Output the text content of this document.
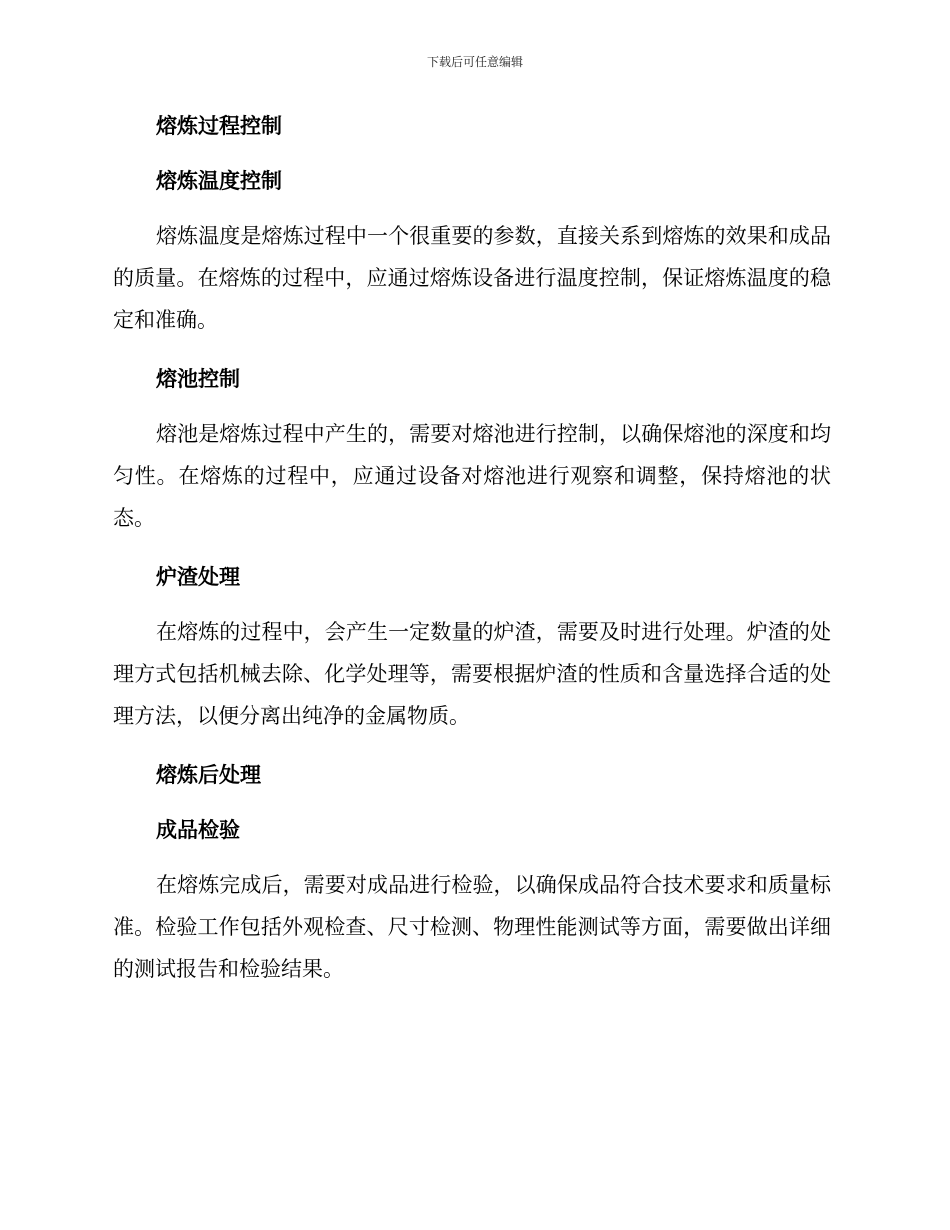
下载后可任意编辑
熔炼过程控制
熔炼温度控制

熔炼温度是熔炼过程中一个很重要的参数，直接关系到熔炼的效果和成品的质量。在熔炼的过程中，应通过熔炼设备进行温度控制，保证熔炼温度的稳定和准确。

熔池控制

熔池是熔炼过程中产生的，需要对熔池进行控制，以确保熔池的深度和均匀性。在熔炼的过程中，应通过设备对熔池进行观察和调整，保持熔池的状态。

炉渣处理

在熔炼的过程中，会产生一定数量的炉渣，需要及时进行处理。炉渣的处理方式包括机械去除、化学处理等，需要根据炉渣的性质和含量选择合适的处理方法，以便分离出纯净的金属物质。

熔炼后处理
成品检验

在熔炼完成后，需要对成品进行检验，以确保成品符合技术要求和质量标准。检验工作包括外观检查、尺寸检测、物理性能测试等方面，需要做出详细的测试报告和检验结果。
